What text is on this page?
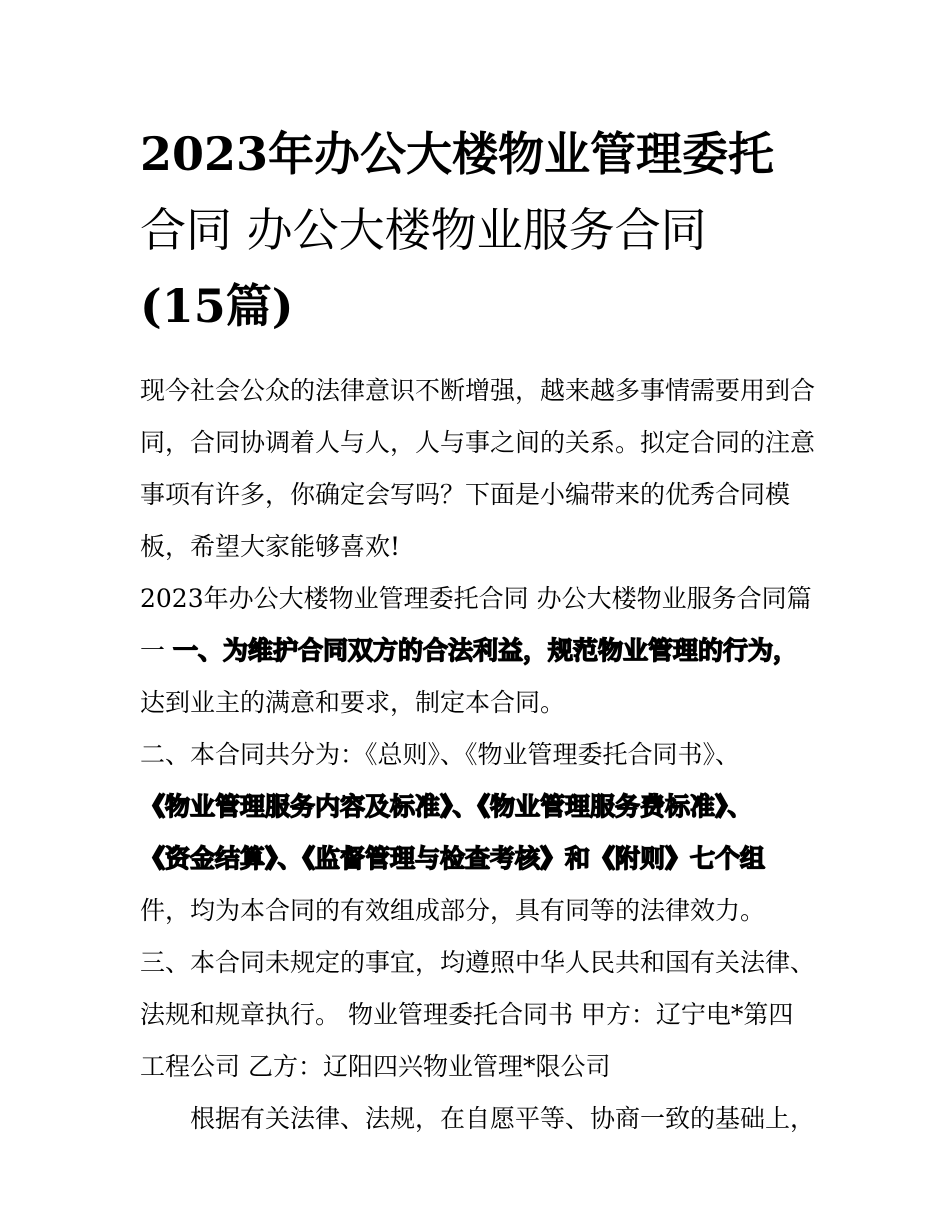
2023年办公大楼物业管理委托
合同 办公大楼物业服务合同
(15篇)
现今社会公众的法律意识不断增强，越来越多事情需要用到合
同，合同协调着人与人，人与事之间的关系。拟定合同的注意
事项有许多，你确定会写吗？下面是小编带来的优秀合同模
板，希望大家能够喜欢!
2023年办公大楼物业管理委托合同 办公大楼物业服务合同篇
一 一、为维护合同双方的合法利益，规范物业管理的行为，
达到业主的满意和要求，制定本合同。
二、本合同共分为：《总则》、《物业管理委托合同书》、
《物业管理服务内容及标准》、《物业管理服务费标准》、
《资金结算》、《监督管理与检查考核》和《附则》七个组
件，均为本合同的有效组成部分，具有同等的法律效力。
三、本合同未规定的事宜，均遵照中华人民共和国有关法律、
法规和规章执行。 物业管理委托合同书 甲方：辽宁电*第四
工程公司 乙方：辽阳四兴物业管理*限公司
根据有关法律、法规，在自愿平等、协商一致的基础上，
